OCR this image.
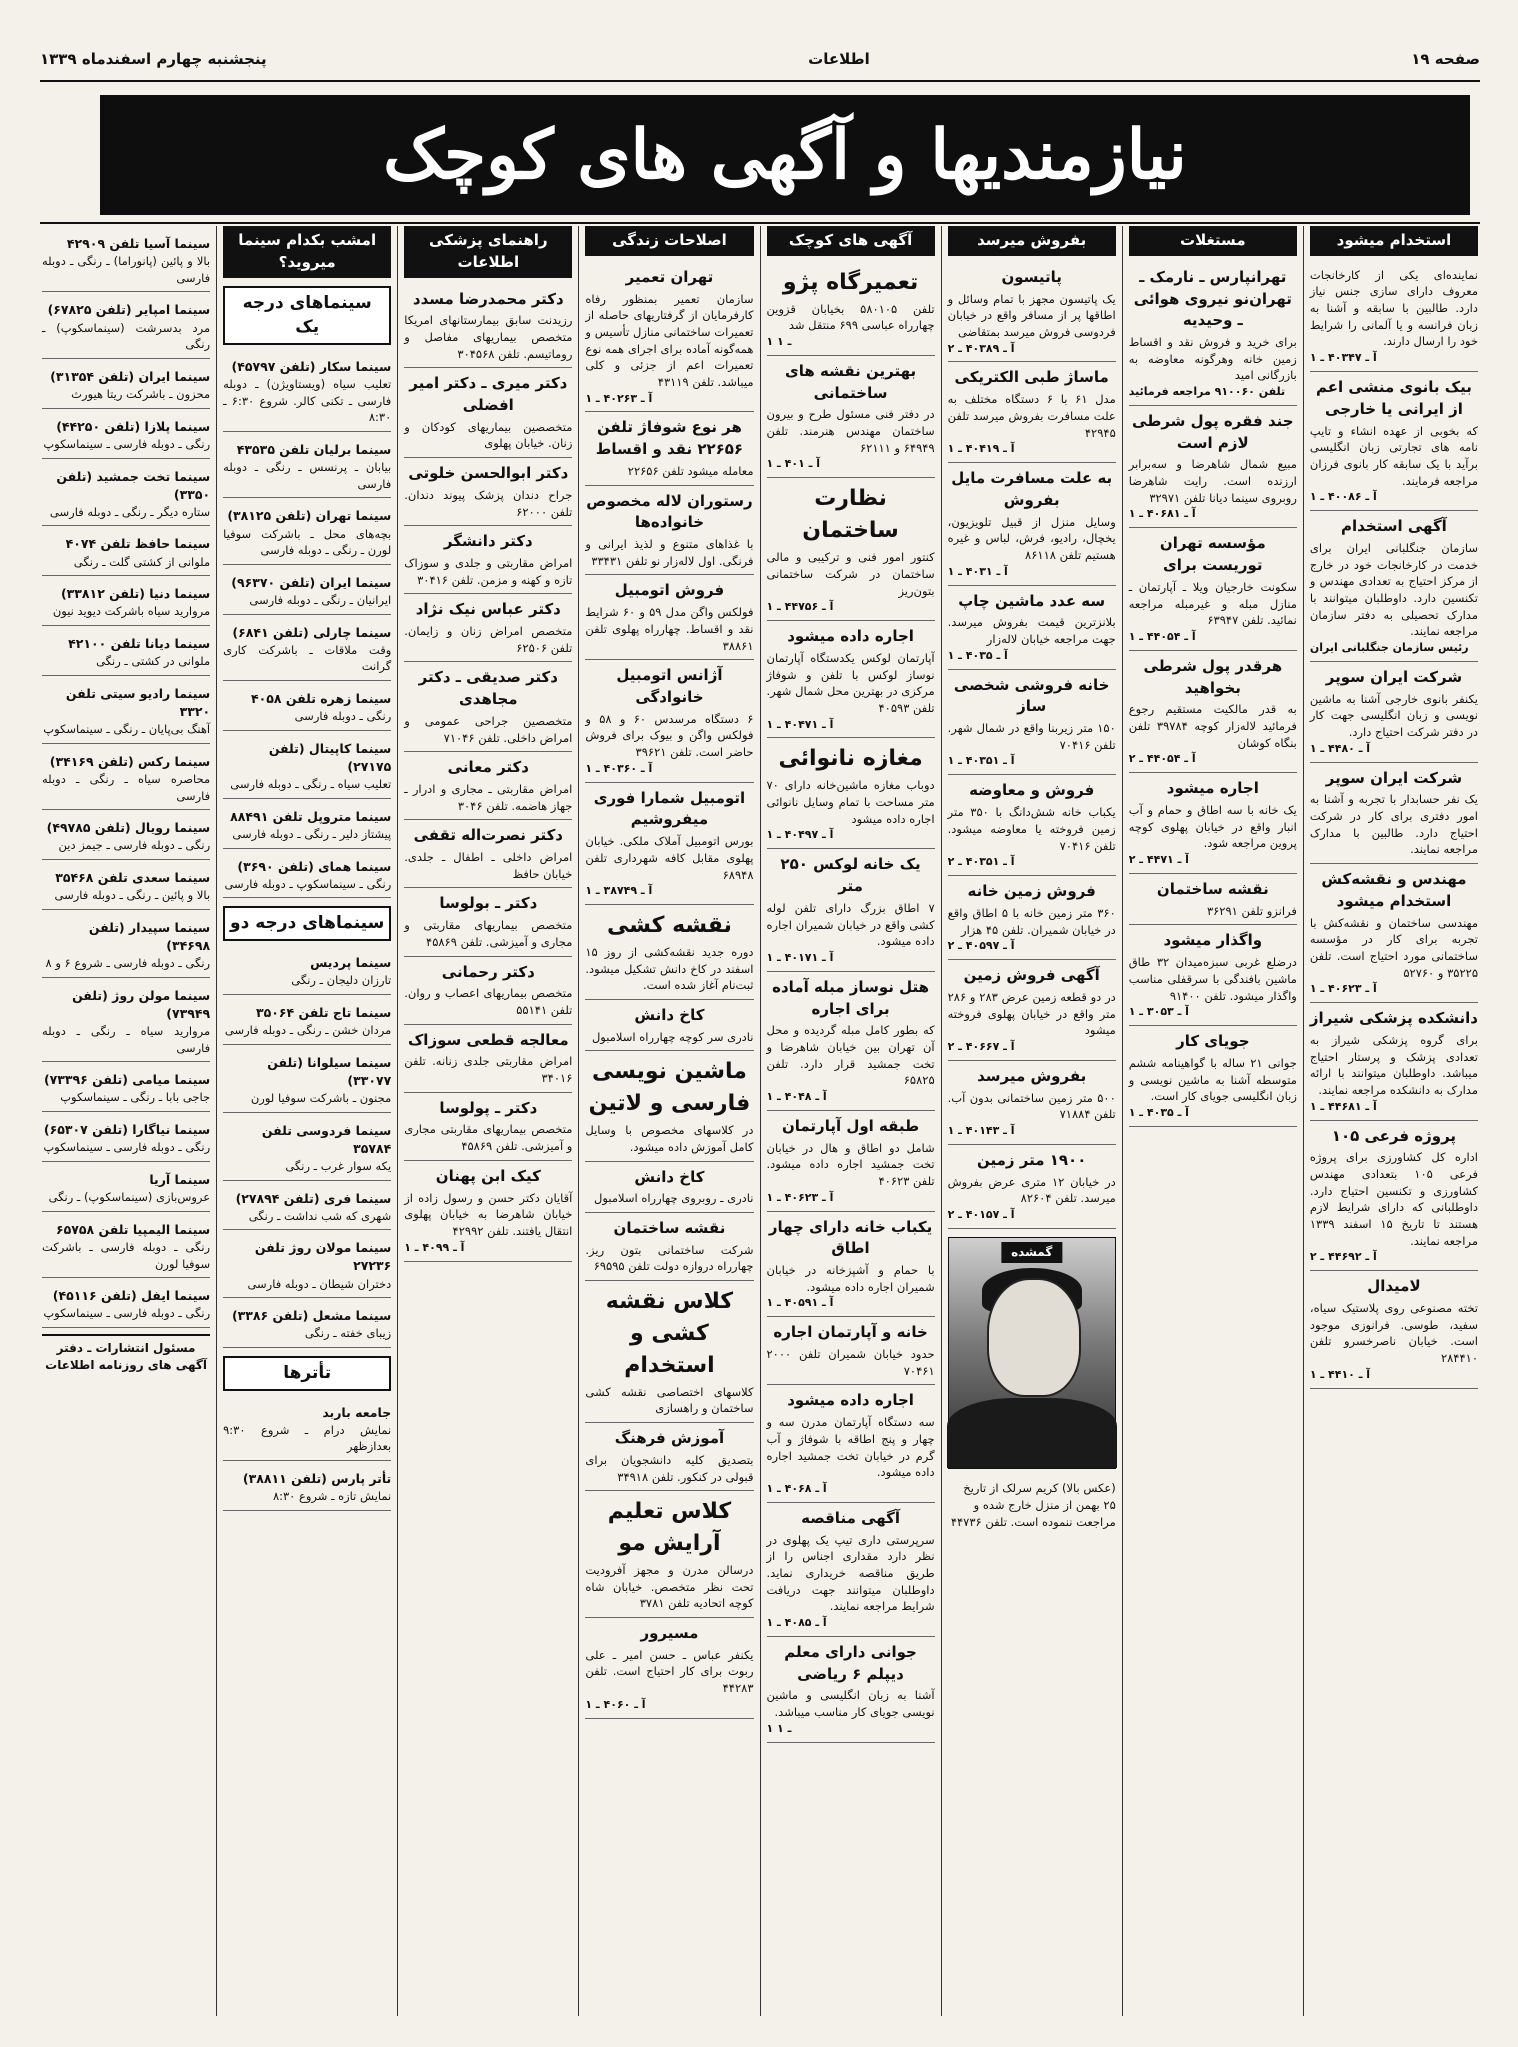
صفحه ۱۹
اطلاعات
پنجشنبه چهارم اسفندماه ۱۳۳۹
نیازمندیها و آگهی های کوچک
استخدام میشود

نماینده‌ای یکی از کارخانجات معروف دارای سازی جنس نیاز دارد. طالبین با سابقه و آشنا به زبان فرانسه و یا آلمانی را شرایط خود را ارسال دارند.

آ ـ ۴۰۳۴۷ ـ ۱
بیک بانوی منشی اعم از ایرانی یا خارجی

که بخوبی از عهده انشاء و تایپ نامه های تجارتی زبان انگلیسی برآید با یک سابقه کار بانوی فرزان مراجعه فرمایند.

آ ـ ۴۰۰۸۶ ـ ۱
آگهی استخدام

سازمان جنگلبانی ایران برای خدمت در کارخانجات خود در خارج از مرکز احتیاج به تعدادی مهندس و تکنسین دارد. داوطلبان میتوانند با مدارک تحصیلی به دفتر سازمان مراجعه نمایند.

رئیس سازمان جنگلبانی ایران
شرکت ایران سوپر

یکنفر بانوی خارجی آشنا به ماشین نویسی و زبان انگلیسی جهت کار در دفتر شرکت احتیاج دارد.

آ ـ ۴۴۸۰ ـ ۱
شرکت ایران سوپر

یک نفر حسابدار با تجربه و آشنا به امور دفتری برای کار در شرکت احتیاج دارد. طالبین با مدارک مراجعه نمایند.

مهندس و نقشه‌کش استخدام میشود

مهندسی ساختمان و نقشه‌کش با تجربه برای کار در مؤسسه ساختمانی مورد احتیاج است. تلفن ۳۵۲۲۵ و ۵۲۷۶۰

آ ـ ۴۰۶۲۳ ـ ۱
دانشکده پزشکی شیراز

برای گروه پزشکی شیراز به تعدادی پزشک و پرستار احتیاج میباشد. داوطلبان میتوانند با ارائه مدارک به دانشکده مراجعه نمایند.

آ ـ ۴۴۶۸۱ ـ ۱
پروژه فرعی ۱۰۵

اداره کل کشاورزی برای پروژه فرعی ۱۰۵ بتعدادی مهندس کشاورزی و تکنسین احتیاج دارد. داوطلبانی که دارای شرایط لازم هستند تا تاریخ ۱۵ اسفند ۱۳۳۹ مراجعه نمایند.

آ ـ ۴۴۶۹۲ ـ ۲
لامیدال

تخته مصنوعی روی پلاستیک سیاه، سفید، طوسی. فرانوزی موجود است. خیابان ناصرخسرو تلفن ۲۸۴۴۱۰

آ ـ ۴۴۱۰ ـ ۱
مستغلات
تهرانپارس ـ نارمک ـ تهران‌نو نیروی هوائی ـ وحیدیه

برای خرید و فروش نقد و اقساط زمین خانه وهرگونه معاوضه به بازرگانی امید

تلفن ۹۱۰۰۶۰ مراجعه فرمائید
جند فقره پول شرطی لازم است

مبیع شمال شاهرضا و سه‌برابر ارزنده است. رایت شاهرضا روبروی سینما دیانا تلفن ۳۲۹۷۱

آ ـ ۴۰۶۸۱ ـ ۱
مؤسسه تهران توریست برای

سکونت خارجیان ویلا ـ آپارتمان ـ منازل مبله و غیرمبله مراجعه نمائید. تلفن ۶۳۹۴۷

آ ـ ۴۴۰۵۴ ـ ۱
هرقدر پول شرطی بخواهید

به قدر مالکیت مستقیم رجوع فرمائید لاله‌زار کوچه ۳۹۷۸۴ تلفن بنگاه کوشان

آ ـ ۴۴۰۵۴ ـ ۲
اجاره میشود

یک خانه با سه اطاق و حمام و آب انبار واقع در خیابان پهلوی کوچه پروین مراجعه شود.

آ ـ ۴۴۷۱ ـ ۲
نقشه ساختمان

فرانزو تلفن ۳۶۲۹۱

واگذار میشود

درضلع غربی سبزه‌میدان ۳۲ طاق ماشین بافندگی با سرقفلی مناسب واگذار میشود. تلفن ۹۱۴۰۰

آ ـ ۳۰۵۳ ـ ۱
جویای کار

جوانی ۲۱ ساله با گواهینامه ششم متوسطه آشنا به ماشین نویسی و زبان انگلیسی جویای کار است.

آ ـ ۴۰۳۵ ـ ۱
بفروش میرسد
پاتیسون

یک پاتیسون مجهز با تمام وسائل و اطاقها پر از مسافر واقع در خیابان فردوسی فروش میرسد بمتقاضی

آ ـ ۴۰۳۸۹ ـ ۲
ماساژ طبی الکتریکی

مدل ۶۱ با ۶ دستگاه مختلف به علت مسافرت بفروش میرسد تلفن ۴۲۹۴۵

آ ـ ۴۰۴۱۹ ـ ۱
به علت مسافرت مایل بفروش

وسایل منزل از قبیل تلویزیون، یخچال، رادیو، فرش، لباس و غیره هستیم تلفن ۸۶۱۱۸

آ ـ ۴۰۳۱ ـ ۱
سه عدد ماشین چاپ

بلانزترین قیمت بفروش میرسد. جهت مراجعه خیابان لاله‌زار

آ ـ ۴۰۳۵ ـ ۱
خانه فروشی شخصی ساز

۱۵۰ متر زیربنا واقع در شمال شهر. تلفن ۷۰۴۱۶

آ ـ ۴۰۳۵۱ ـ ۱
فروش و معاوضه

یکباب خانه شش‌دانگ با ۳۵۰ متر زمین فروخته یا معاوضه میشود. تلفن ۷۰۴۱۶

آ ـ ۴۰۳۵۱ ـ ۲
فروش زمین خانه

۳۶۰ متر زمین خانه با ۵ اطاق واقع در خیابان شمیران. تلفن ۴۵ هزار

آ ـ ۴۰۵۹۷ ـ ۲
آگهی فروش زمین

در دو قطعه زمین عرض ۲۸۳ و ۲۸۶ متر واقع در خیابان پهلوی فروخته میشود

آ ـ ۴۰۶۶۷ ـ ۲
بفروش میرسد

۵۰۰ متر زمین ساختمانی بدون آب. تلفن ۷۱۸۸۴

آ ـ ۴۰۱۴۳ ـ ۱
۱۹۰۰ متر زمین

در خیابان ۱۲ متری عرض بفروش میرسد. تلفن ۸۲۶۰۴

آ ـ ۴۰۱۵۷ ـ ۲
گمشده

(عکس بالا) کریم سرلک از تاریخ ۲۵ بهمن از منزل خارج شده و مراجعت ننموده است. تلفن ۴۴۷۳۶

آگهی های کوچک
تعمیرگاه پژو

تلفن ۵۸۰۱۰۵ بخیابان قزوین چهارراه عباسی ۶۹۹ منتقل شد

۱ ـ ۱
بهترین نقشه های ساختمانی

در دفتر فنی مسئول طرح و بیرون ساختمان مهندس هنرمند. تلفن ۶۴۹۴۹ و ۶۲۱۱۱

آ ـ ۴۰۱ ـ ۱
نظارت ساختمان

کنتور امور فنی و ترکیبی و مالی ساختمان در شرکت ساختمانی بتون‌ریز

آ ـ ۴۴۷۵۶ ـ ۱
اجاره داده میشود

آپارتمان لوکس یکدستگاه آپارتمان نوساز لوکس با تلفن و شوفاژ مرکزی در بهترین محل شمال شهر. تلفن ۴۰۵۹۳

آ ـ ۴۰۴۷۱ ـ ۱
مغازه نانوائی

دوباب مغازه ماشین‌خانه دارای ۷۰ متر مساحت با تمام وسایل نانوائی اجاره داده میشود

آ ـ ۴۰۴۹۷ ـ ۱
یک خانه لوکس ۲۵۰ متر

۷ اطاق بزرگ دارای تلفن لوله کشی واقع در خیابان شمیران اجاره داده میشود.

آ ـ ۴۰۱۷۱ ـ ۱
هتل نوساز مبله آماده برای اجاره

که بطور کامل مبله گردیده و محل آن تهران بین خیابان شاهرضا و تخت جمشید قرار دارد. تلفن ۶۵۸۲۵

آ ـ ۴۰۴۸ ـ ۱
طبقه اول آپارتمان

شامل دو اطاق و هال در خیابان تخت جمشید اجاره داده میشود. تلفن ۴۰۶۲۳

آ ـ ۴۰۶۲۳ ـ ۱
یکباب خانه دارای چهار اطاق

با حمام و آشپزخانه در خیابان شمیران اجاره داده میشود.

آ ـ ۴۰۵۹۱ ـ ۱
خانه و آپارتمان اجاره

حدود خیابان شمیران تلفن ۲۰۰۰ ۷۰۴۶۱

اجاره داده میشود

سه دستگاه آپارتمان مدرن سه و چهار و پنج اطاقه با شوفاژ و آب گرم در خیابان تخت جمشید اجاره داده میشود.

آ ـ ۴۰۶۸ ـ ۱
آگهی مناقصه

سرپرستی داری تیپ یک پهلوی در نظر دارد مقداری اجناس را از طریق مناقصه خریداری نماید. داوطلبان میتوانند جهت دریافت شرایط مراجعه نمایند.

آ ـ ۴۰۸۵ ـ ۱
جوانی دارای معلم دیپلم ۶ ریاضی

آشنا به زبان انگلیسی و ماشین نویسی جویای کار مناسب میباشد.

۱ ـ ۱
اصلاحات زندگی
تهران تعمیر

سازمان تعمیر بمنظور رفاه کارفرمایان از گرفتاریهای حاصله از تعمیرات ساختمانی منازل تأسیس و همه‌گونه آماده برای اجرای همه نوع تعمیرات اعم از جزئی و کلی میباشد. تلفن ۴۳۱۱۹

آ ـ ۴۰۲۶۳ ـ ۱
هر نوع شوفاژ تلفن ۲۲۶۵۶ نقد و اقساط

معامله میشود تلفن ۲۲۶۵۶

رستوران لاله مخصوص خانواده‌ها

با غذاهای متنوع و لذیذ ایرانی و فرنگی. اول لاله‌زار نو تلفن ۳۳۴۳۱

فروش اتومبیل

فولکس واگن مدل ۵۹ و ۶۰ شرایط نقد و اقساط. چهارراه پهلوی تلفن ۳۸۸۶۱

آژانس اتومبیل خانوادگی

۶ دستگاه مرسدس ۶۰ و ۵۸ و فولکس واگن و بیوک برای فروش حاضر است. تلفن ۳۹۶۲۱

آ ـ ۴۰۳۶۰ ـ ۱
اتومبیل شمارا فوری میفروشیم

بورس اتومبیل آملاک ملکی. خیابان پهلوی مقابل کافه شهرداری تلفن ۶۸۹۴۸

آ ـ ۳۸۷۴۹ ـ ۱
نقشه کشی

دوره جدید نقشه‌کشی از روز ۱۵ اسفند در کاخ دانش تشکیل میشود. ثبت‌نام آغاز شده است.

کاخ دانش

نادری سر کوچه چهارراه اسلامبول

ماشین نویسی فارسی و لاتین

در کلاسهای مخصوص با وسایل کامل آموزش داده میشود.

کاخ دانش

نادری ـ روبروی چهارراه اسلامبول

نقشه ساختمان

شرکت ساختمانی بتون ریز. چهارراه دروازه دولت تلفن ۶۹۵۹۵

کلاس نقشه کشی و استخدام

کلاسهای اختصاصی نقشه کشی ساختمان و راهسازی

آموزش فرهنگ

بتصدیق کلیه دانشجویان برای قبولی در کنکور. تلفن ۳۴۹۱۸

کلاس تعلیم آرایش مو

درسالن مدرن و مجهز آفرودیت تحت نظر متخصص. خیابان شاه کوچه اتحادیه تلفن ۳۷۸۱

مسیرور

یکنفر عباس ـ حسن امیر ـ علی ربوت برای کار احتیاج است. تلفن ۴۴۲۸۳

آ ـ ۴۰۶۰ ـ ۱
راهنمای پزشکی اطلاعات
دکتر محمدرضا مسدد

رزیدنت سابق بیمارستانهای امریکا متخصص بیماریهای مفاصل و روماتیسم. تلفن ۳۰۴۵۶۸

دکتر میری ـ دکتر امیر افضلی

متخصصین بیماریهای کودکان و زنان. خیابان پهلوی

دکتر ابوالحسن خلوتی

جراح دندان پزشک پیوند دندان. تلفن ۶۲۰۰۰

دکتر دانشگر

امراض مقاربتی و جلدی و سوزاک تازه و کهنه و مزمن. تلفن ۳۰۴۱۶

دکتر عباس نیک نژاد

متخصص امراض زنان و زایمان. تلفن ۶۲۵۰۶

دکتر صدیقی ـ دکتر مجاهدی

متخصصین جراحی عمومی و امراض داخلی. تلفن ۷۱۰۴۶

دکتر معانی

امراض مقاربتی ـ مجاری و ادرار ـ جهاز هاضمه. تلفن ۳۰۴۶

دکتر نصرت‌اله تقفی

امراض داخلی ـ اطفال ـ جلدی. خیابان حافظ

دکتر ـ بولوسا

متخصص بیماریهای مقاربتی و مجاری و آمیزشی. تلفن ۴۵۸۶۹

دکتر رحمانی

متخصص بیماریهای اعصاب و روان. تلفن ۵۵۱۴۱

معالجه قطعی سوزاک

امراض مقاربتی جلدی زنانه. تلفن ۳۴۰۱۶

دکتر ـ پولوسا

متخصص بیماریهای مقاربتی مجاری و آمیزشی. تلفن ۴۵۸۶۹

کیک ابن پهنان

آقایان دکتر حسن و رسول زاده از خیابان شاهرضا به خیابان پهلوی انتقال یافتند. تلفن ۴۲۹۹۲

آ ـ ۴۰۹۹ ـ ۱
امشب بکدام سینما میروید؟
سینماهای درجه یک
سینما سکار (تلفن ۴۵۷۹۷)

تعلیب سیاه (ویستاویژن) ـ دوبله فارسی ـ تکنی کالر. شروع ۶:۳۰ ـ ۸:۳۰

سینما برلیان تلفن ۴۳۵۳۵

بیابان ـ پرنسس ـ رنگی ـ دوبله فارسی

سینما تهران (تلفن ۳۸۱۲۵)

بچه‌های محل ـ باشرکت سوفیا لورن ـ رنگی ـ دوبله فارسی

سینما ایران (تلفن ۹۶۳۷۰)

ایرانیان ـ رنگی ـ دوبله فارسی

سینما چارلی (تلفن ۶۸۴۱)

وقت ملاقات ـ باشرکت کاری گرانت

سینما زهره تلفن ۴۰۵۸

رنگی ـ دوبله فارسی

سینما کاپیتال (تلفن ۲۷۱۷۵)

تعلیب سیاه ـ رنگی ـ دوبله فارسی

سینما متروپل تلفن ۸۸۴۹۱

پیشتاز دلیر ـ رنگی ـ دوبله فارسی

سینما همای (تلفن ۳۶۹۰)

رنگی ـ سینماسکوپ ـ دوبله فارسی

سینماهای درجه دو
سینما پردیس

تارزان دلیجان ـ رنگی

سینما تاج تلفن ۳۵۰۶۴

مردان خشن ـ رنگی ـ دوبله فارسی

سینما سیلوانا (تلفن ۳۳۰۷۷)

مجنون ـ باشرکت سوفیا لورن

سینما فردوسی تلفن ۳۵۷۸۴

یکه سوار غرب ـ رنگی

سینما فری (تلفن ۲۷۸۹۴)

شهری که شب نداشت ـ رنگی

سینما مولان روژ تلفن ۲۷۲۳۶

دختران شیطان ـ دوبله فارسی

سینما مشعل (تلفن ۳۳۸۶)

زیبای خفته ـ رنگی

تأترها
جامعه باربد

نمایش درام ـ شروع ۹:۳۰ بعدازظهر

تأتر پارس (تلفن ۳۸۸۱۱)

نمایش تازه ـ شروع ۸:۳۰

سینما آسیا تلفن ۴۲۹۰۹

بالا و پائین (پانوراما) ـ رنگی ـ دوبله فارسی

سینما امپایر (تلفن ۶۷۸۲۵)

مرد بدسرشت (سینماسکوپ) ـ رنگی

سینما ایران (تلفن ۳۱۳۵۴)

محزون ـ باشرکت ریتا هیورث

سینما پلازا (تلفن ۴۴۲۵۰)

رنگی ـ دوبله فارسی ـ سینماسکوپ

سینما تخت جمشید (تلفن ۳۳۵۰)

ستاره دیگر ـ رنگی ـ دوبله فارسی

سینما حافظ تلفن ۴۰۷۴

ملوانی از کشتی گلت ـ رنگی

سینما دنیا (تلفن ۳۳۸۱۲)

مروارید سیاه باشرکت دیوید نیون

سینما دیانا تلفن ۴۲۱۰۰

ملوانی در کشتی ـ رنگی

سینما رادیو سیتی تلفن ۳۳۲۰

آهنگ بی‌پایان ـ رنگی ـ سینماسکوپ

سینما رکس (تلفن ۳۴۱۶۹)

محاصره سیاه ـ رنگی ـ دوبله فارسی

سینما رویال (تلفن ۴۹۷۸۵)

رنگی ـ دوبله فارسی ـ جیمز دین

سینما سعدی تلفن ۳۵۴۶۸

بالا و پائین ـ رنگی ـ دوبله فارسی

سینما سپیدار (تلفن ۳۴۶۹۸)

رنگی ـ دوبله فارسی ـ شروع ۶ و ۸

سینما مولن روژ (تلفن ۷۳۹۴۹)

مروارید سیاه ـ رنگی ـ دوبله فارسی

سینما میامی (تلفن ۷۳۳۹۶)

جاجی بابا ـ رنگی ـ سینماسکوپ

سینما نیاگارا (تلفن ۶۵۳۰۷)

رنگی ـ دوبله فارسی ـ سینماسکوپ

سینما آریا

عروس‌بازی (سینماسکوپ) ـ رنگی

سینما الیمپیا تلفن ۶۵۷۵۸

رنگی ـ دوبله فارسی ـ باشرکت سوفیا لورن

سینما ایفل (تلفن ۴۵۱۱۶)

رنگی ـ دوبله فارسی ـ سینماسکوپ

مسئول انتشارات ـ دفتر آگهی های روزنامه اطلاعات
